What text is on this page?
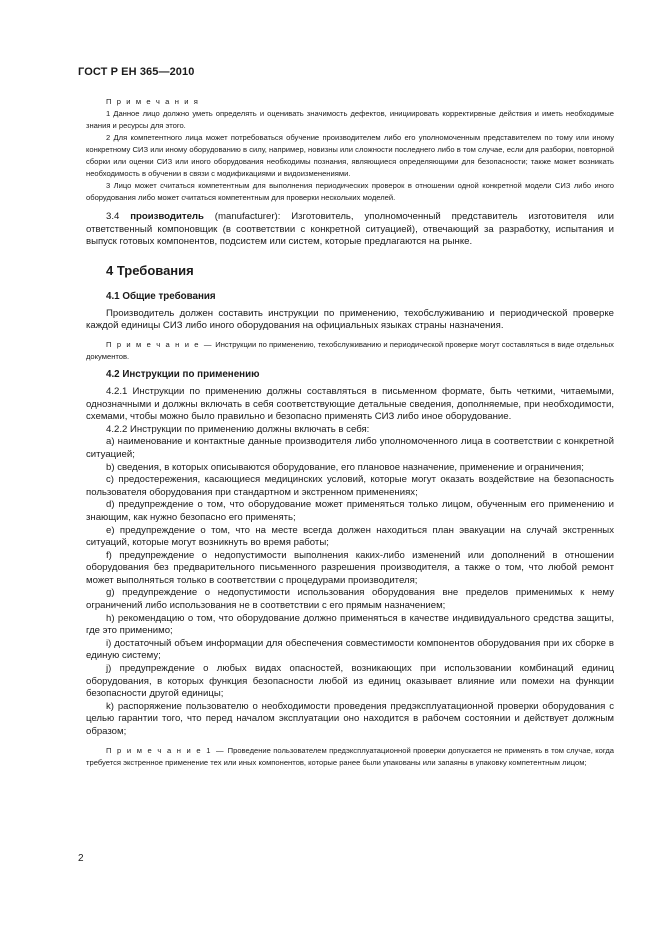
ГОСТ Р ЕН 365—2010

П р и м е ч а н и я

1 Данное лицо должно уметь определять и оценивать значимость дефектов, инициировать корректирвные действия и иметь необходимые знания и ресурсы для этого.

2 Для компетентного лица может потребоваться обучение производителем либо его уполномоченным представителем по тому или иному конкретному СИЗ или иному оборудованию в силу, например, новизны или сложности последнего либо в том случае, если для разборки, повторной сборки или оценки СИЗ или иного оборудования необходимы познания, являющиеся определяющими для безопасности; также может возникать необходимость в обучении в связи с модификациями и видоизменениями.

3 Лицо может считаться компетентным для выполнения периодических проверок в отношении одной конкретной модели СИЗ либо иного оборудования либо может считаться компетентным для проверки нескольких моделей.

3.4 производитель (manufacturer): Изготовитель, уполномоченный представитель изготовителя или ответственный компоновщик (в соответствии с конкретной ситуацией), отвечающий за разработку, испытания и выпуск готовых компонентов, подсистем или систем, которые предлагаются на рынке.

4 Требования
4.1 Общие требования

Производитель должен составить инструкции по применению, техобслуживанию и периодической проверке каждой единицы СИЗ либо иного оборудования на официальных языках страны назначения.

П р и м е ч а н и е — Инструкции по применению, техобслуживанию и периодической проверке могут составляться в виде отдельных документов.

4.2 Инструкции по применению

4.2.1 Инструкции по применению должны составляться в письменном формате, быть четкими, читаемыми, однозначными и должны включать в себя соответствующие детальные сведения, дополняемые, при необходимости, схемами, чтобы можно было правильно и безопасно применять СИЗ либо иное оборудование.

4.2.2 Инструкции по применению должны включать в себя:

a) наименование и контактные данные производителя либо уполномоченного лица в соответствии с конкретной ситуацией;

b) сведения, в которых описываются оборудование, его плановое назначение, применение и ограничения;

c) предостережения, касающиеся медицинских условий, которые могут оказать воздействие на безопасность пользователя оборудования при стандартном и экстренном применениях;

d) предупреждение о том, что оборудование может применяться только лицом, обученным его применению и знающим, как нужно безопасно его применять;

e) предупреждение о том, что на месте всегда должен находиться план эвакуации на случай экстренных ситуаций, которые могут возникнуть во время работы;

f) предупреждение о недопустимости выполнения каких-либо изменений или дополнений в отношении оборудования без предварительного письменного разрешения производителя, а также о том, что любой ремонт может выполняться только в соответствии с процедурами производителя;

g) предупреждение о недопустимости использования оборудования вне пределов применимых к нему ограничений либо использования не в соответствии с его прямым назначением;

h) рекомендацию о том, что оборудование должно применяться в качестве индивидуального средства защиты, где это применимо;

i) достаточный объем информации для обеспечения совместимости компонентов оборудования при их сборке в единую систему;

j) предупреждение о любых видах опасностей, возникающих при использовании комбинаций единиц оборудования, в которых функция безопасности любой из единиц оказывает влияние или помехи на функции безопасности другой единицы;

k) распоряжение пользователю о необходимости проведения предэксплуатационной проверки оборудования с целью гарантии того, что перед началом эксплуатации оно находится в рабочем состоянии и действует должным образом;

П р и м е ч а н и е 1 — Проведение пользователем предэксплуатационной проверки допускается не применять в том случае, когда требуется экстренное применение тех или иных компонентов, которые ранее были упакованы или запаяны в упаковку компетентным лицом;

2
